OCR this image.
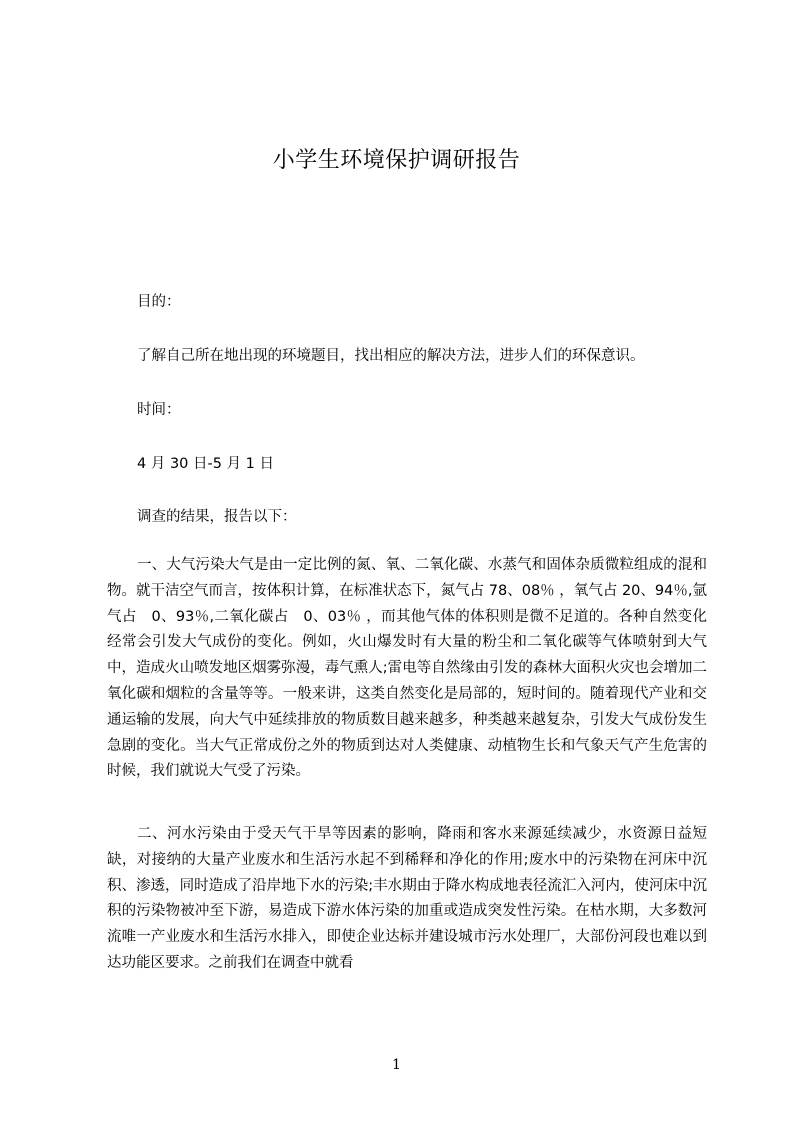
小学生环境保护调研报告
目的：
了解自己所在地出现的环境题目，找出相应的解决方法，进步人们的环保意识。
时间：
4 月 30 日-5 月 1 日
调查的结果，报告以下：

一、大气污染大气是由一定比例的氮、氧、二氧化碳、水蒸气和固体杂质微粒组成的混和物。就干洁空气而言，按体积计算，在标准状态下，氮气占 78、08％ ，氧气占 20、94％,氩气占　0、93％,二氧化碳占　0、03％ ，而其他气体的体积则是微不足道的。各种自然变化经常会引发大气成份的变化。例如，火山爆发时有大量的粉尘和二氧化碳等气体喷射到大气中，造成火山喷发地区烟雾弥漫，毒气熏人;雷电等自然缘由引发的森林大面积火灾也会增加二氧化碳和烟粒的含量等等。一般来讲，这类自然变化是局部的，短时间的。随着现代产业和交通运输的发展，向大气中延续排放的物质数目越来越多，种类越来越复杂，引发大气成份发生急剧的变化。当大气正常成份之外的物质到达对人类健康、动植物生长和气象天气产生危害的时候，我们就说大气受了污染。

二、河水污染由于受天气干旱等因素的影响，降雨和客水来源延续减少，水资源日益短缺，对接纳的大量产业废水和生活污水起不到稀释和净化的作用;废水中的污染物在河床中沉积、渗透，同时造成了沿岸地下水的污染;丰水期由于降水构成地表径流汇入河内，使河床中沉积的污染物被冲至下游，易造成下游水体污染的加重或造成突发性污染。在枯水期，大多数河流唯一产业废水和生活污水排入，即使企业达标并建设城市污水处理厂，大部份河段也难以到达功能区要求。之前我们在调查中就看

1
